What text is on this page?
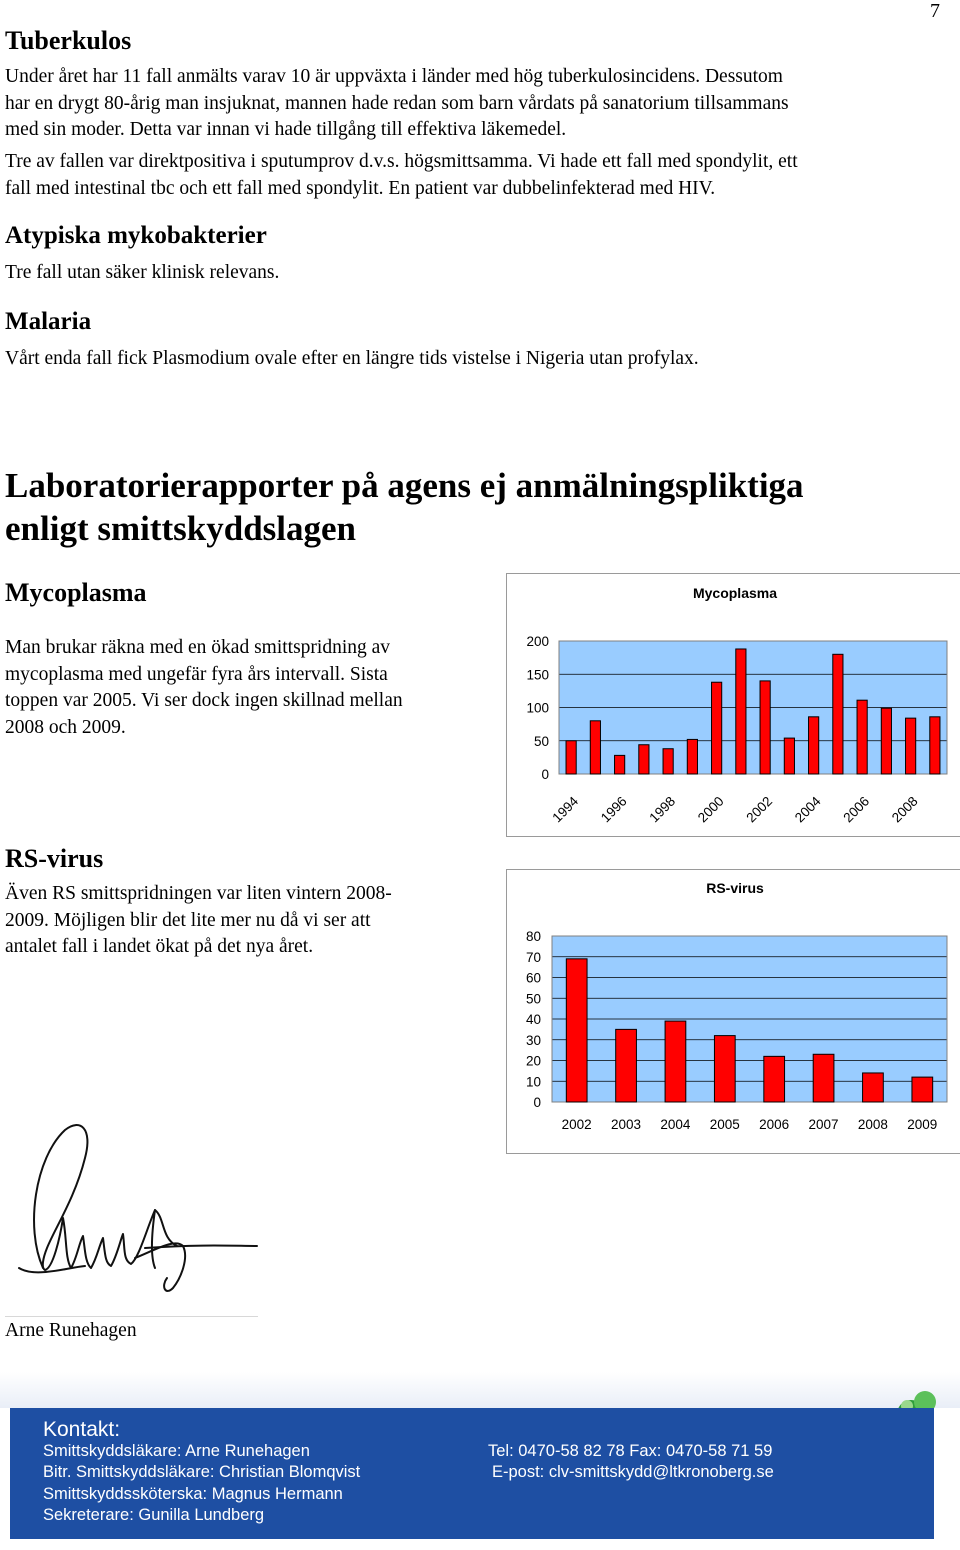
7
Tuberkulos
Under året har 11 fall anmälts varav 10 är uppväxta i länder med hög tuberkulosincidens. Dessutom
har en drygt 80-årig man insjuknat, mannen hade redan som barn vårdats på sanatorium tillsammans
med sin moder. Detta var innan vi hade tillgång till effektiva läkemedel.
Tre av fallen var direktpositiva i sputumprov d.v.s. högsmittsamma. Vi hade ett fall med spondylit, ett
fall med intestinal tbc och ett fall med spondylit. En patient var dubbelinfekterad med HIV.
Atypiska mykobakterier
Tre fall utan säker klinisk relevans.
Malaria
Vårt enda fall fick Plasmodium ovale efter en längre tids vistelse i Nigeria utan profylax.
Laboratorierapporter på agens ej anmälningspliktiga
enligt smittskyddslagen
Mycoplasma
Man brukar räkna med en ökad smittspridning av
mycoplasma med ungefär fyra års intervall. Sista
toppen var 2005. Vi ser dock ingen skillnad mellan
2008 och 2009.
Mycoplasma
200
150
100
50
0
1994 1996 1998 2000 2002 2004 2006 2008
RS-virus
Även RS smittspridningen var liten vintern 2008-
2009. Möjligen blir det lite mer nu då vi ser att
antalet fall i landet ökat på det nya året.
RS-virus
80
70
60
50
40
30
20
10
0
2002 2003 2004 2005 2006 2007 2008 2009
Arne Runehagen
Kontakt:
Smittskyddsläkare: Arne Runehagen
Bitr. Smittskyddsläkare: Christian Blomqvist
Smittskyddssköterska: Magnus Hermann
Sekreterare: Gunilla Lundberg
Tel: 0470-58 82 78 Fax: 0470-58 71 59
E-post: clv-smittskydd@ltkronoberg.se
